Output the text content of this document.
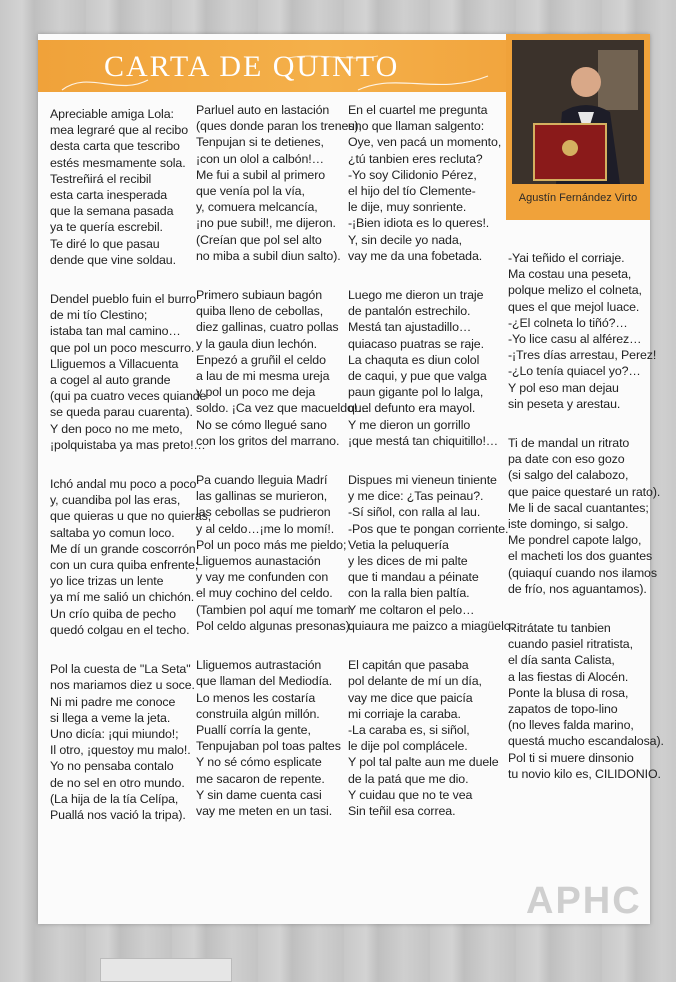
CARTA DE QUINTO
Agustín Fernández Virto

Apreciable amiga Lola:
mea legraré que al recibo
desta carta que tescribo
estés mesmamente sola.
Testreñirá el recibil
esta carta inesperada
que la semana pasada
ya te quería escrebil.
Te diré lo que pasau
dende que vine soldau.

Dendel pueblo fuin el burro
de mi tío Clestino;
istaba tan mal camino…
que pol un poco mescurro.
Lliguemos a Villacuenta
a cogel al auto grande
(qui pa cuatro veces quiande
se queda parau cuarenta).
Y den poco no me meto,
¡polquistaba ya mas preto!…

Ichó andal mu poco a poco
y, cuandiba pol las eras,
que quieras u que no quieras,
saltaba yo comun loco.
Me dí un grande coscorrón
con un cura quiba enfrente;
yo lice trizas un lente
ya mí me salió un chichón.
Un crío quiba de pecho
quedó colgau en el techo.

Pol la cuesta de "La Seta"
nos mariamos diez u soce.
Ni mi padre me conoce
si llega a veme la jeta.
Uno dicía: ¡qui miundo!;
Il otro, ¡questoy mu malo!.
Yo no pensaba contalo
de no sel en otro mundo.
(La hija de la tía Celípa,
Puallá nos vació la tripa).

Parluel auto en lastación
(ques donde paran los trenes),
Tenpujan si te detienes,
¡con un olol a calbón!…
Me fui a subil al primero
que venía pol la vía,
y, comuera melcancía,
¡no pue subil!, me dijeron.
(Creían que pol sel alto
no miba a subil diun salto).

Primero subiaun bagón
quiba lleno de cebollas,
diez gallinas, cuatro pollas
y la gaula diun lechón.
Enpezó a gruñil el celdo
a lau de mi mesma ureja
y pol un poco me deja
soldo. ¡Ca vez que macueldo!…
No se cómo llegué sano
con los gritos del marrano.

Pa cuando lleguia Madrí
las gallinas se murieron,
las cebollas se pudrieron
y al celdo…¡me lo momí!.
Pol un poco más me pieldo;
Lliguemos aunastación
y vay me confunden con
el muy cochino del celdo.
(Tambien pol aquí me toman
Pol celdo algunas presonas).

Lliguemos autrastación
que llaman del Mediodía.
Lo menos les costaría
construila algún millón.
Puallí corría la gente,
Tenpujaban pol toas paltes
Y no sé cómo esplicate
me sacaron de repente.
Y sin dame cuenta casi
vay me meten en un tasi.

En el cuartel me pregunta
uno que llaman salgento:
Oye, ven pacá un momento,
¿tú tanbien eres recluta?
-Yo soy Cilidonio Pérez,
el hijo del tío Clemente-
le dije, muy sonriente.
-¡Bien idiota es lo queres!.
Y, sin decile yo nada,
vay me da una fobetada.

Luego me dieron un traje
de pantalón estrechilo.
Mestá tan ajustadillo…
quiacaso puatras se raje.
La chaquta es diun colol
de caqui, y pue que valga
paun gigante pol lo lalga,
quel defunto era mayol.
Y me dieron un gorrillo
¡que mestá tan chiquitillo!…

Dispues mi vieneun tiniente
y me dice: ¿Tas peinau?.
-Sí siñol, con ralla al lau.
-Pos que te pongan corriente.
Vetia la peluquería
y les dices de mi palte
que ti mandau a péinate
con la ralla bien paltía.
Y me coltaron el pelo…
quiaura me paizco a miagüelo.

El capitán que pasaba
pol delante de mí un día,
vay me dice que paicía
mi corriaje la caraba.
-La caraba es, si siñol,
le dije pol complácele.
Y pol tal palte aun me duele
de la patá que me dio.
Y cuidau que no te vea
Sin teñil esa correa.

-Yai teñido el corriaje.
Ma costau una peseta,
polque melizo el colneta,
ques el que mejol luace.
-¿El colneta lo tiñó?…
-Yo lice casu al alférez…
-¡Tres días arrestau, Perez!
-¿Lo tenía quiacel yo?…
Y pol eso man dejau
sin peseta y arestau.

Ti de mandal un ritrato
pa date con eso gozo
(si salgo del calabozo,
que paice questaré un rato).
Me li de sacal cuantantes;
iste domingo, si salgo.
Me pondrel capote lalgo,
el macheti los dos guantes
(quiaquí cuando nos ilamos
de frío, nos aguantamos).

Ritrátate tu tanbien
cuando pasiel ritratista,
el día santa Calista,
a las fiestas di Alocén.
Ponte la blusa di rosa,
zapatos de topo-lino
(no lleves falda marino,
questá mucho escandalosa).
Pol ti si muere dinsonio
tu novio kilo es, CILIDONIO.

APHC
